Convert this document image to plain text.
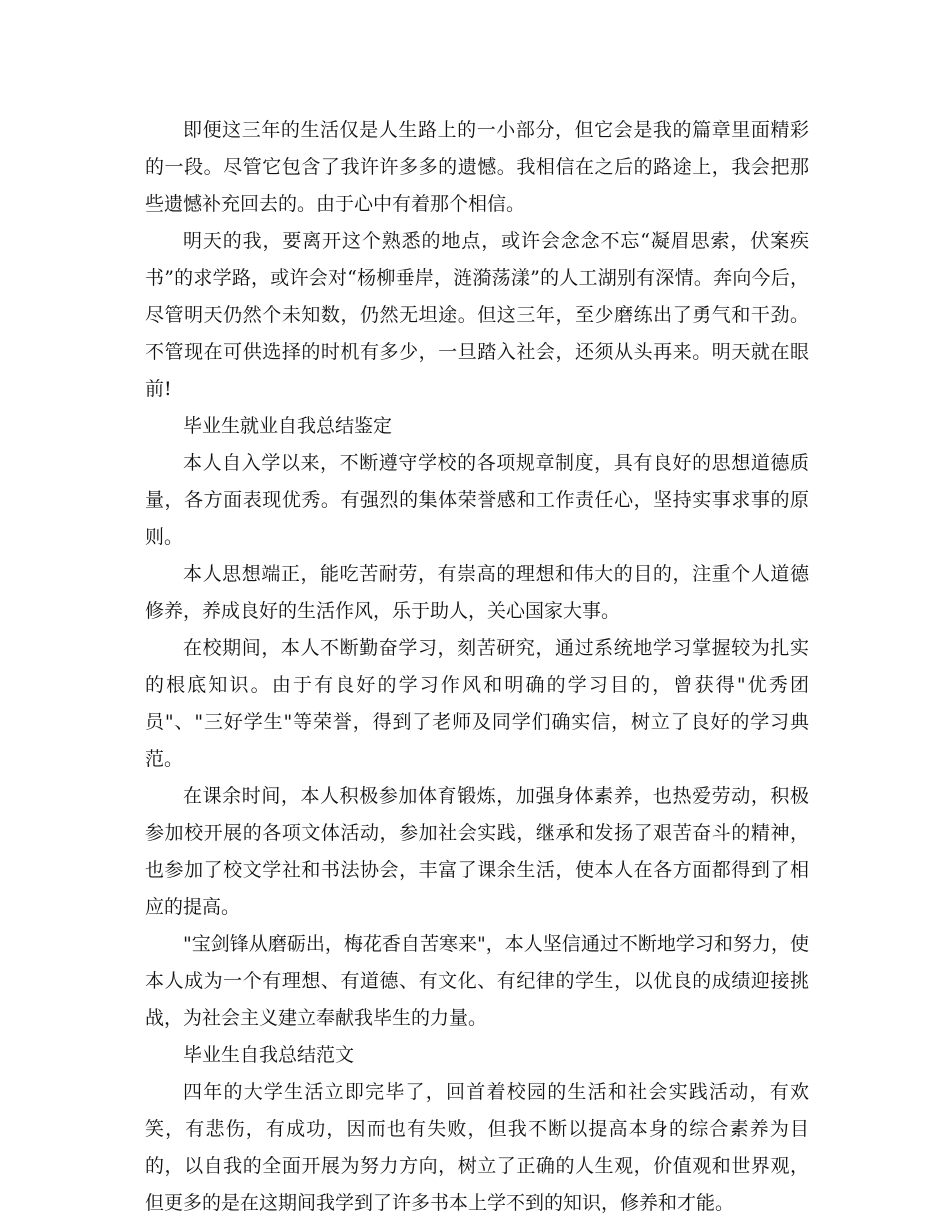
即便这三年的生活仅是人生路上的一小部分，但它会是我的篇章里面精彩的一段。尽管它包含了我许许多多的遗憾。我相信在之后的路途上，我会把那些遗憾补充回去的。由于心中有着那个相信。

明天的我，要离开这个熟悉的地点，或许会念念不忘“凝眉思索，伏案疾书”的求学路，或许会对“杨柳垂岸，涟漪荡漾”的人工湖别有深情。奔向今后，尽管明天仍然个未知数，仍然无坦途。但这三年，至少磨练出了勇气和干劲。不管现在可供选择的时机有多少，一旦踏入社会，还须从头再来。明天就在眼前!

毕业生就业自我总结鉴定

本人自入学以来，不断遵守学校的各项规章制度，具有良好的思想道德质量，各方面表现优秀。有强烈的集体荣誉感和工作责任心，坚持实事求事的原则。

本人思想端正，能吃苦耐劳，有崇高的理想和伟大的目的，注重个人道德修养，养成良好的生活作风，乐于助人，关心国家大事。

在校期间，本人不断勤奋学习，刻苦研究，通过系统地学习掌握较为扎实的根底知识。由于有良好的学习作风和明确的学习目的，曾获得"优秀团员"、"三好学生"等荣誉，得到了老师及同学们确实信，树立了良好的学习典范。

在课余时间，本人积极参加体育锻炼，加强身体素养，也热爱劳动，积极参加校开展的各项文体活动，参加社会实践，继承和发扬了艰苦奋斗的精神，也参加了校文学社和书法协会，丰富了课余生活，使本人在各方面都得到了相应的提高。

"宝剑锋从磨砺出，梅花香自苦寒来"，本人坚信通过不断地学习和努力，使本人成为一个有理想、有道德、有文化、有纪律的学生，以优良的成绩迎接挑战，为社会主义建立奉献我毕生的力量。

毕业生自我总结范文

四年的大学生活立即完毕了，回首着校园的生活和社会实践活动，有欢笑，有悲伤，有成功，因而也有失败，但我不断以提高本身的综合素养为目的，以自我的全面开展为努力方向，树立了正确的人生观，价值观和世界观，但更多的是在这期间我学到了许多书本上学不到的知识，修养和才能。
